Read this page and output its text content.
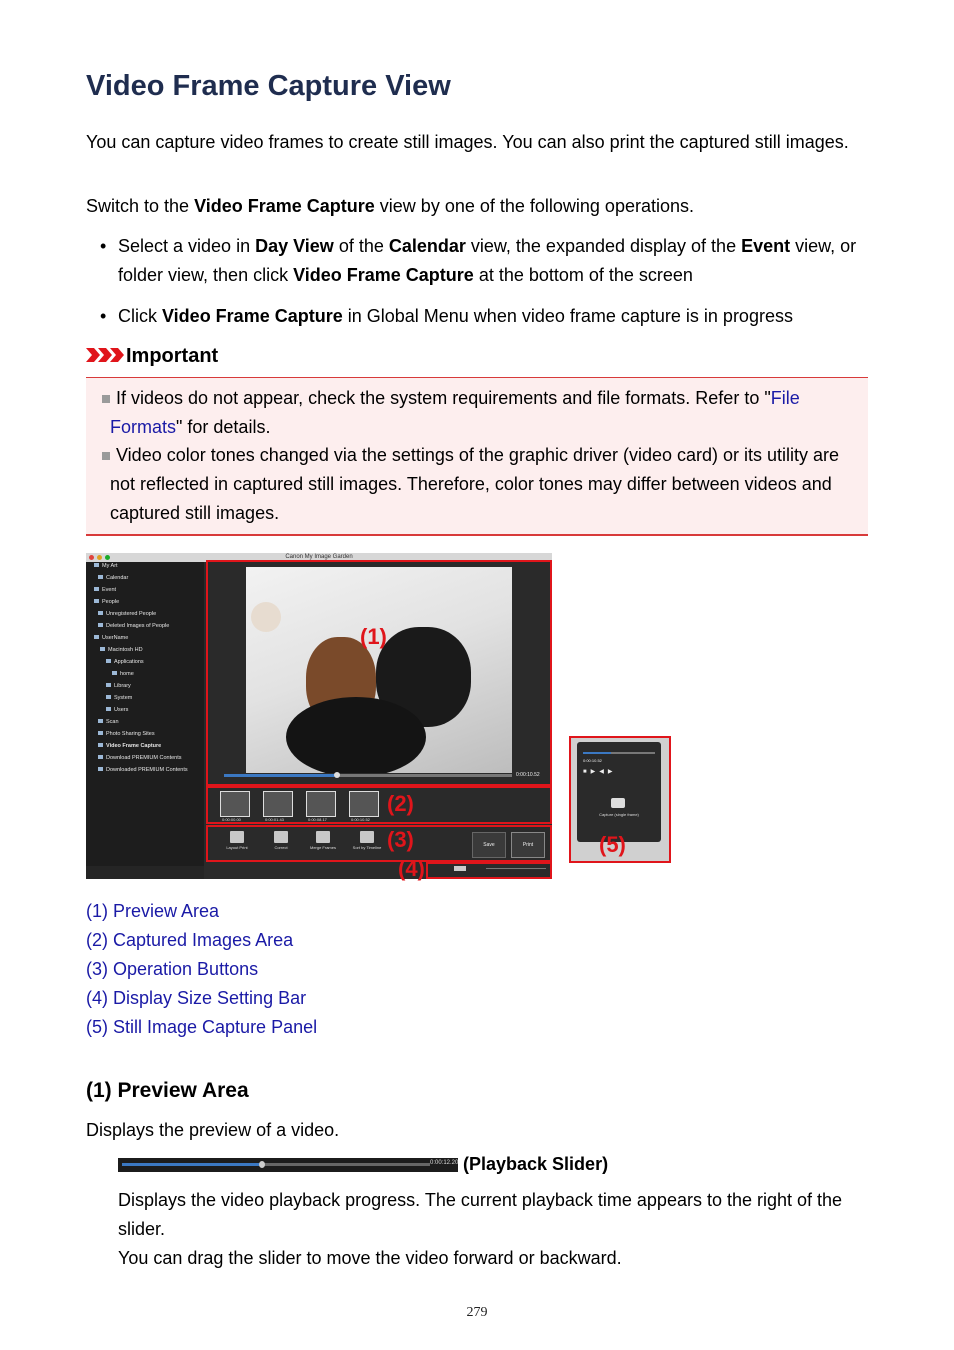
Video Frame Capture View

You can capture video frames to create still images. You can also print the captured still images.

Switch to the Video Frame Capture view by one of the following operations.

• Select a video in Day View of the Calendar view, the expanded display of the Event view, or folder view, then click Video Frame Capture at the bottom of the screen
• Click Video Frame Capture in Global Menu when video frame capture is in progress
Important
If videos do not appear, check the system requirements and file formats. Refer to "File Formats" for details.
Video color tones changed via the settings of the graphic driver (video card) or its utility are not reflected in captured still images. Therefore, color tones may differ between videos and captured still images.
Canon My Image Garden
My Art
Calendar
Event
People
Unregistered People
Deleted Images of People
UserName
Macintosh HD
Applications
home
Library
System
Users
Scan
Photo Sharing Sites
Video Frame Capture
Download PREMIUM Contents
Downloaded PREMIUM Contents
0:00:10.52
0:00:00.00	0:00:01.43	0:00:08.17	0:00:10.52
Layout Print	Correct	Merge Frames	Sort by Timeline	Save	Print
(1)
(2)
(3)
(4)
0:00:10.52
■▶◀▶
Capture (single frame)
(5)
(1) Preview Area
(2) Captured Images Area
(3) Operation Buttons
(4) Display Size Setting Bar
(5) Still Image Capture Panel
(1) Preview Area

Displays the preview of a video.

0:00:12.20 (Playback Slider)

Displays the video playback progress. The current playback time appears to the right of the slider.

You can drag the slider to move the video forward or backward.

279
